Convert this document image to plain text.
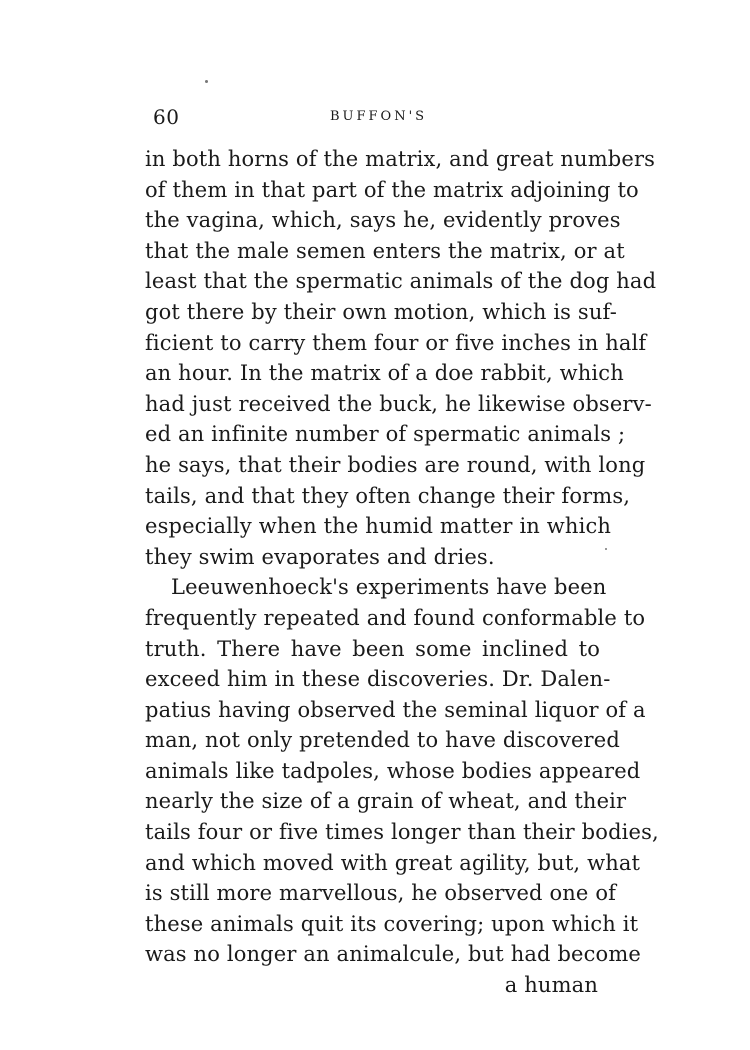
60	BUFFON'S
in both horns of the matrix, and great numbers
of them in that part of the matrix adjoining to
the vagina, which, says he, evidently proves
that the male semen enters the matrix, or at
least that the spermatic animals of the dog had
got there by their own motion, which is suf-
ficient to carry them four or five inches in half
an hour. In the matrix of a doe rabbit, which
had just received the buck, he likewise observ-
ed an infinite number of spermatic animals ;
he says, that their bodies are round, with long
tails, and that they often change their forms,
especially when the humid matter in which
they swim evaporates and dries.
Leeuwenhoeck's experiments have been
frequently repeated and found conformable to
truth. There have been some inclined to
exceed him in these discoveries. Dr. Dalen-
patius having observed the seminal liquor of a
man, not only pretended to have discovered
animals like tadpoles, whose bodies appeared
nearly the size of a grain of wheat, and their
tails four or five times longer than their bodies,
and which moved with great agility, but, what
is still more marvellous, he observed one of
these animals quit its covering; upon which it
was no longer an animalcule, but had become
a human
